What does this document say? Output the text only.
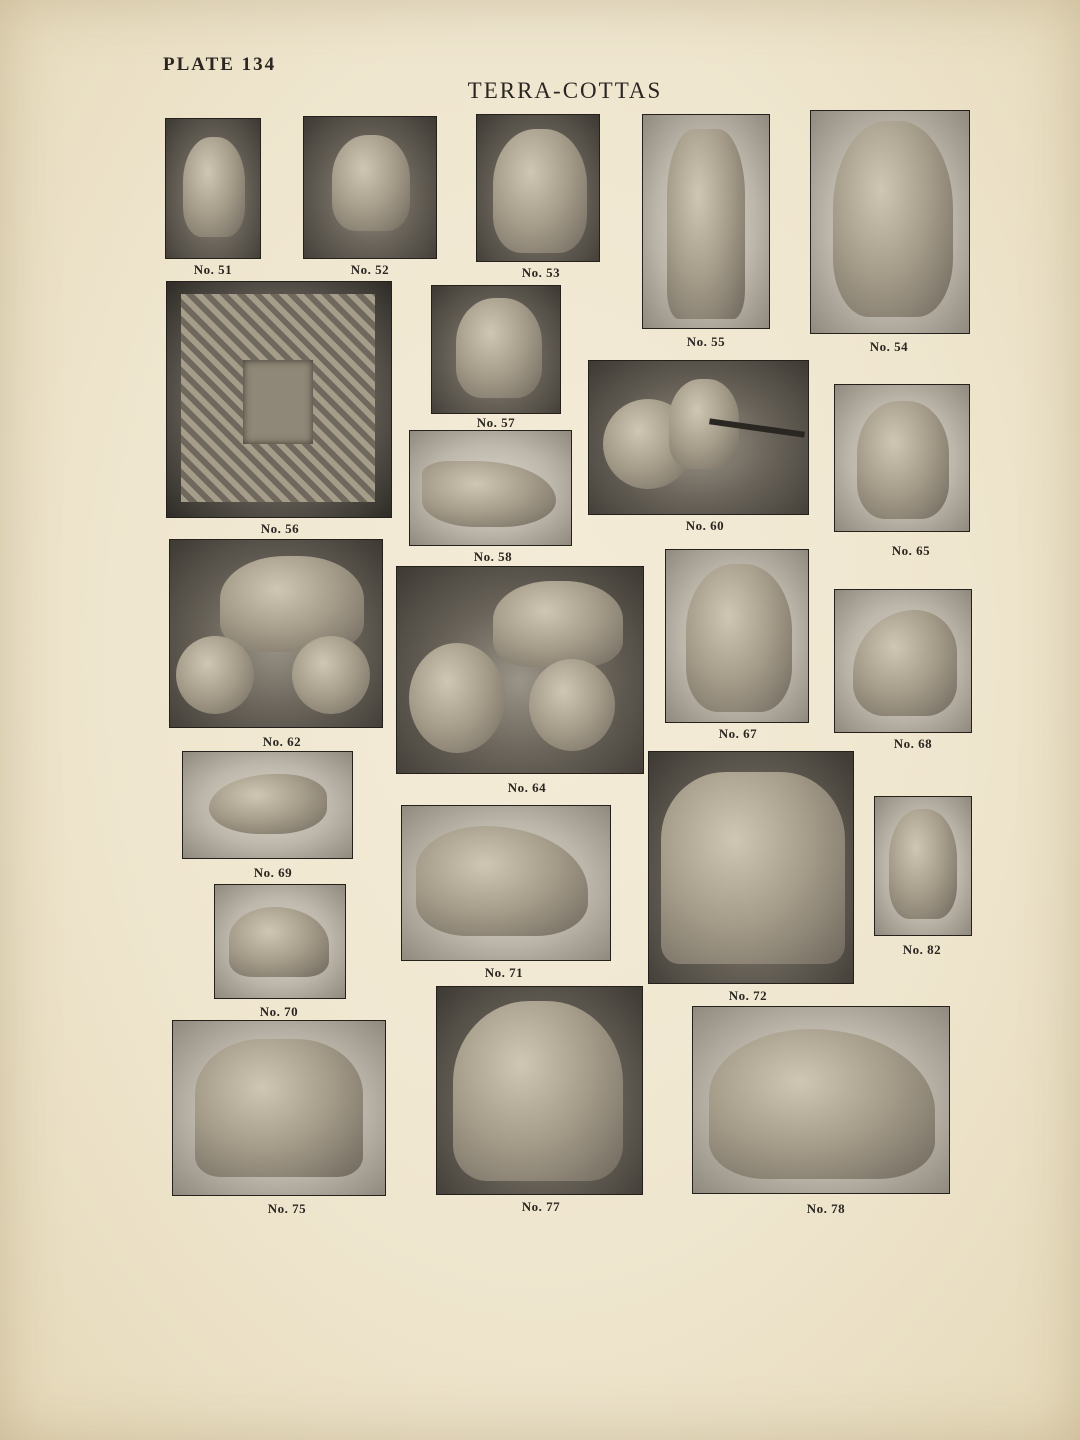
PLATE 134
TERRA-COTTAS
No. 51	No. 52	No. 53
No. 55	No. 54
No. 56
No. 57
No. 58
No. 60
No. 65
No. 62
No. 64
No. 67
No. 68
No. 69
No. 70
No. 71
No. 72
No. 82
No. 75	No. 77	No. 78
